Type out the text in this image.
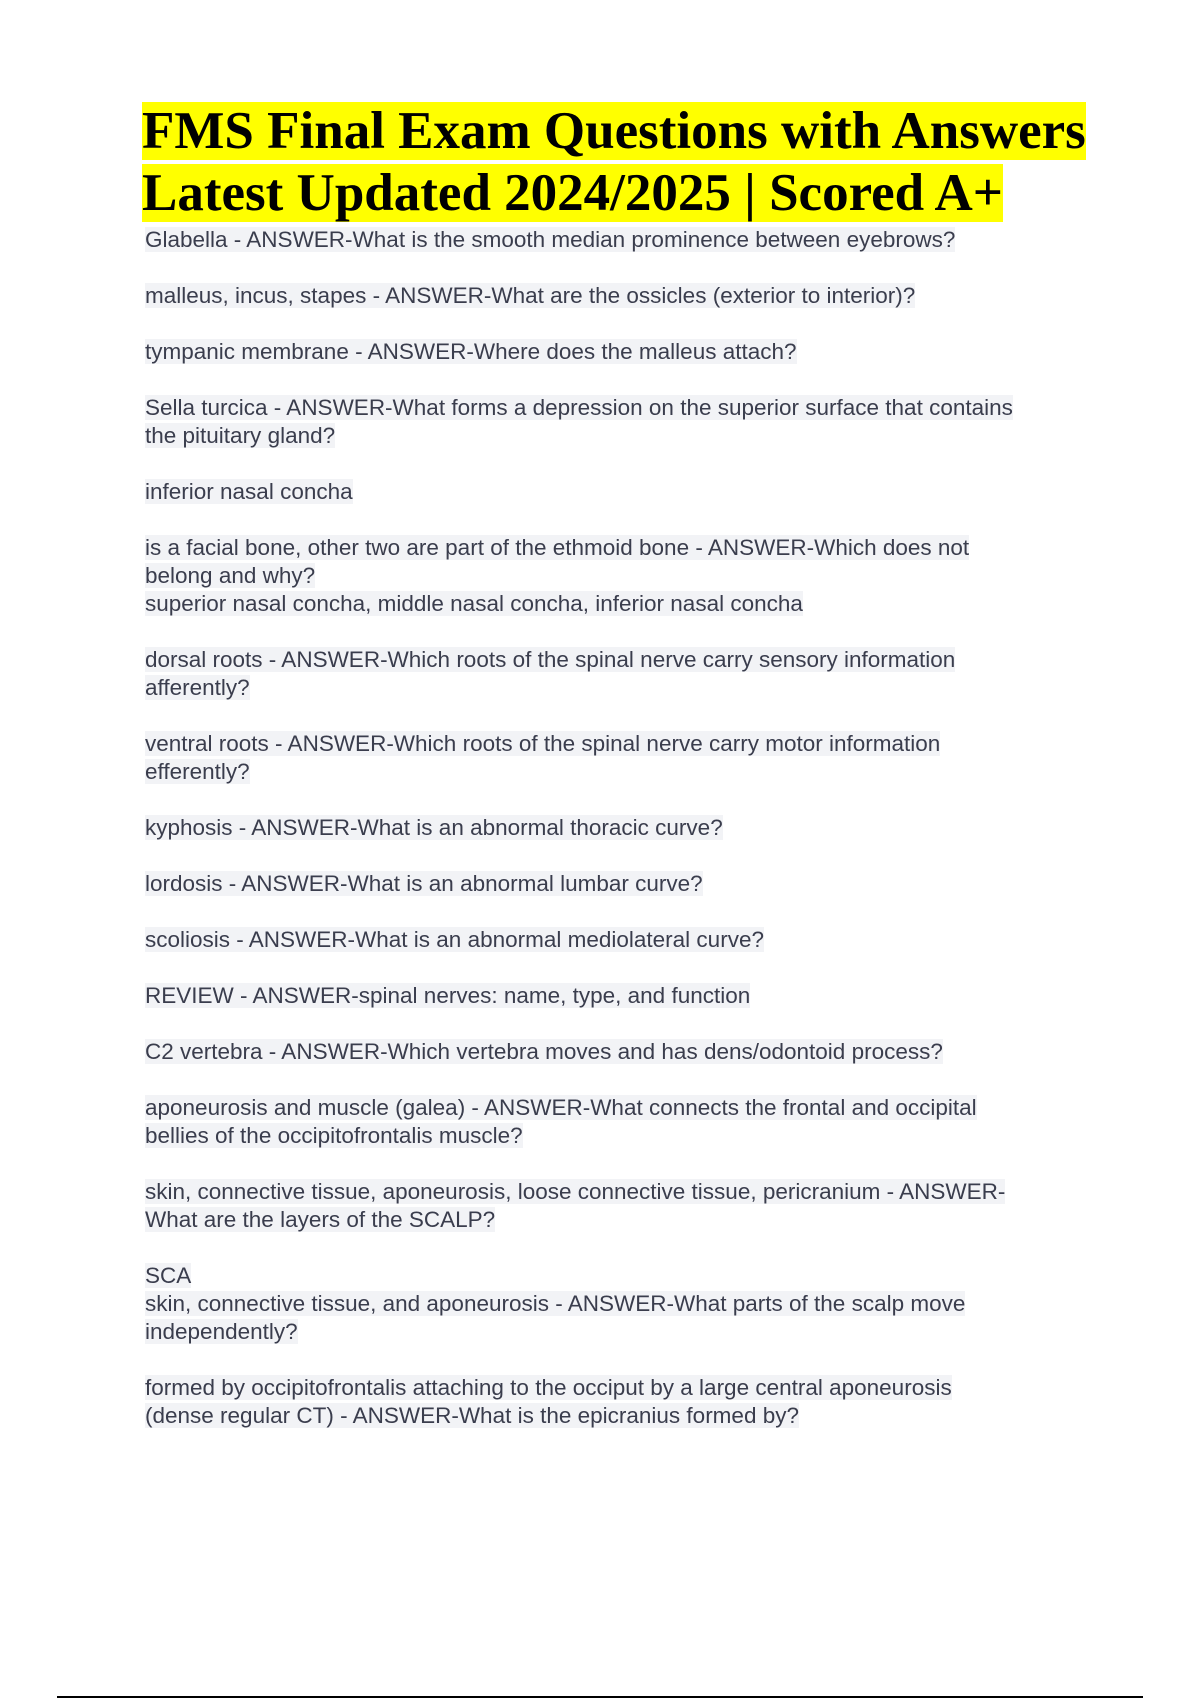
FMS Final Exam Questions with Answers
Latest Updated 2024/2025 | Scored A+
Glabella - ANSWER-What is the smooth median prominence between eyebrows?
malleus, incus, stapes - ANSWER-What are the ossicles (exterior to interior)?
tympanic membrane - ANSWER-Where does the malleus attach?
Sella turcica - ANSWER-What forms a depression on the superior surface that contains
the pituitary gland?
inferior nasal concha
is a facial bone, other two are part of the ethmoid bone - ANSWER-Which does not
belong and why?
superior nasal concha, middle nasal concha, inferior nasal concha
dorsal roots - ANSWER-Which roots of the spinal nerve carry sensory information
afferently?
ventral roots - ANSWER-Which roots of the spinal nerve carry motor information
efferently?
kyphosis - ANSWER-What is an abnormal thoracic curve?
lordosis - ANSWER-What is an abnormal lumbar curve?
scoliosis - ANSWER-What is an abnormal mediolateral curve?
REVIEW - ANSWER-spinal nerves: name, type, and function
C2 vertebra - ANSWER-Which vertebra moves and has dens/odontoid process?
aponeurosis and muscle (galea) - ANSWER-What connects the frontal and occipital
bellies of the occipitofrontalis muscle?
skin, connective tissue, aponeurosis, loose connective tissue, pericranium - ANSWER-
What are the layers of the SCALP?
SCA
skin, connective tissue, and aponeurosis - ANSWER-What parts of the scalp move
independently?
formed by occipitofrontalis attaching to the occiput by a large central aponeurosis
(dense regular CT) - ANSWER-What is the epicranius formed by?
